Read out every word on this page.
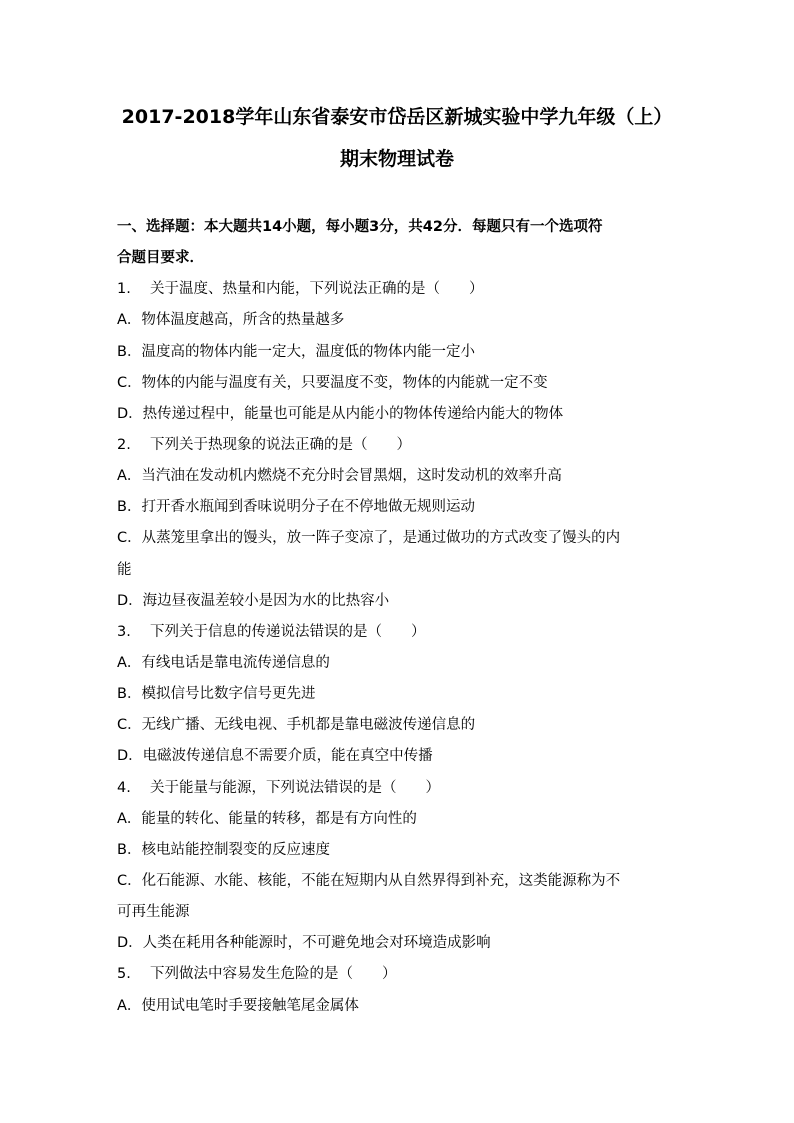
2017-2018学年山东省泰安市岱岳区新城实验中学九年级（上）
期末物理试卷
一、选择题：本大题共14小题，每小题3分，共42分．每题只有一个选项符
合题目要求．
1. 关于温度、热量和内能，下列说法正确的是（　　）
A．物体温度越高，所含的热量越多
B．温度高的物体内能一定大，温度低的物体内能一定小
C．物体的内能与温度有关，只要温度不变，物体的内能就一定不变
D．热传递过程中，能量也可能是从内能小的物体传递给内能大的物体
2. 下列关于热现象的说法正确的是（　　）
A．当汽油在发动机内燃烧不充分时会冒黑烟，这时发动机的效率升高
B．打开香水瓶闻到香味说明分子在不停地做无规则运动
C．从蒸笼里拿出的馒头，放一阵子变凉了，是通过做功的方式改变了馒头的内
能
D．海边昼夜温差较小是因为水的比热容小
3. 下列关于信息的传递说法错误的是（　　）
A．有线电话是靠电流传递信息的
B．模拟信号比数字信号更先进
C．无线广播、无线电视、手机都是靠电磁波传递信息的
D．电磁波传递信息不需要介质，能在真空中传播
4. 关于能量与能源，下列说法错误的是（　　）
A．能量的转化、能量的转移，都是有方向性的
B．核电站能控制裂变的反应速度
C．化石能源、水能、核能，不能在短期内从自然界得到补充，这类能源称为不
可再生能源
D．人类在耗用各种能源时，不可避免地会对环境造成影响
5. 下列做法中容易发生危险的是（　　）
A．使用试电笔时手要接触笔尾金属体
